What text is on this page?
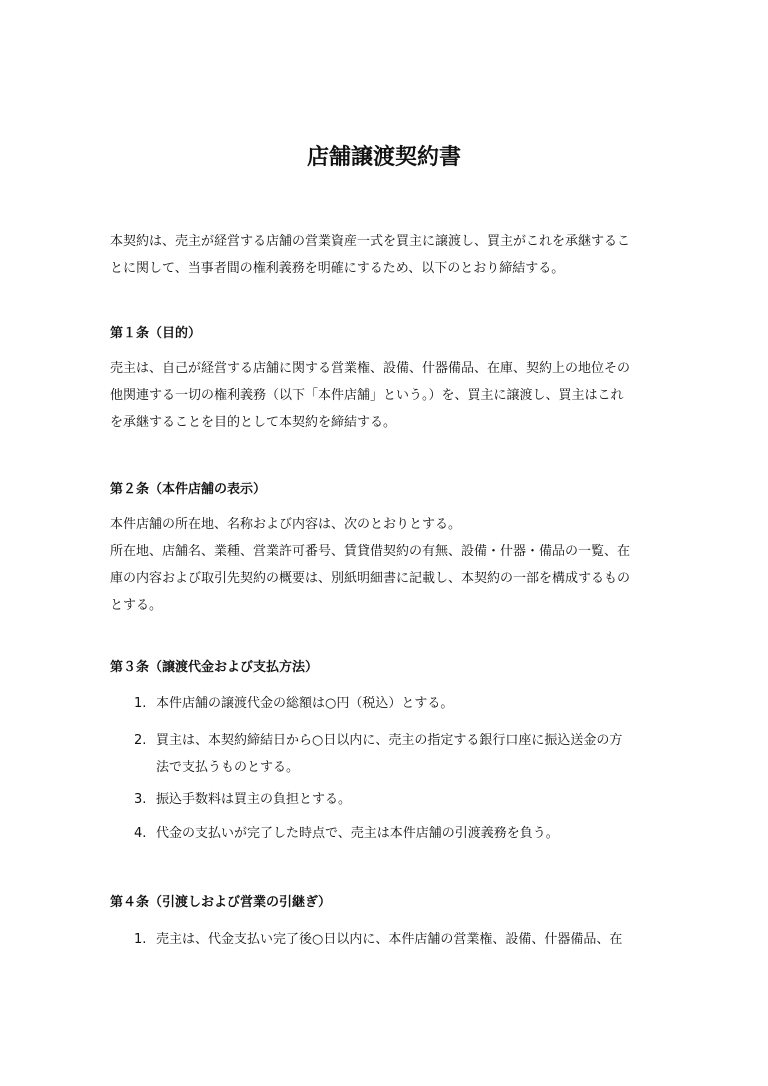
店舗譲渡契約書

本契約は、売主が経営する店舗の営業資産一式を買主に譲渡し、買主がこれを承継するこ
とに関して、当事者間の権利義務を明確にするため、以下のとおり締結する。

第１条（目的）

売主は、自己が経営する店舗に関する営業権、設備、什器備品、在庫、契約上の地位その
他関連する一切の権利義務（以下「本件店舗」という。）を、買主に譲渡し、買主はこれ
を承継することを目的として本契約を締結する。

第２条（本件店舗の表示）

本件店舗の所在地、名称および内容は、次のとおりとする。
所在地、店舗名、業種、営業許可番号、賃貸借契約の有無、設備・什器・備品の一覧、在
庫の内容および取引先契約の概要は、別紙明細書に記載し、本契約の一部を構成するもの
とする。

第３条（譲渡代金および支払方法）
1. 本件店舗の譲渡代金の総額は○円（税込）とする。
2. 買主は、本契約締結日から○日以内に、売主の指定する銀行口座に振込送金の方
法で支払うものとする。
3. 振込手数料は買主の負担とする。
4. 代金の支払いが完了した時点で、売主は本件店舗の引渡義務を負う。
第４条（引渡しおよび営業の引継ぎ）
1. 売主は、代金支払い完了後○日以内に、本件店舗の営業権、設備、什器備品、在
